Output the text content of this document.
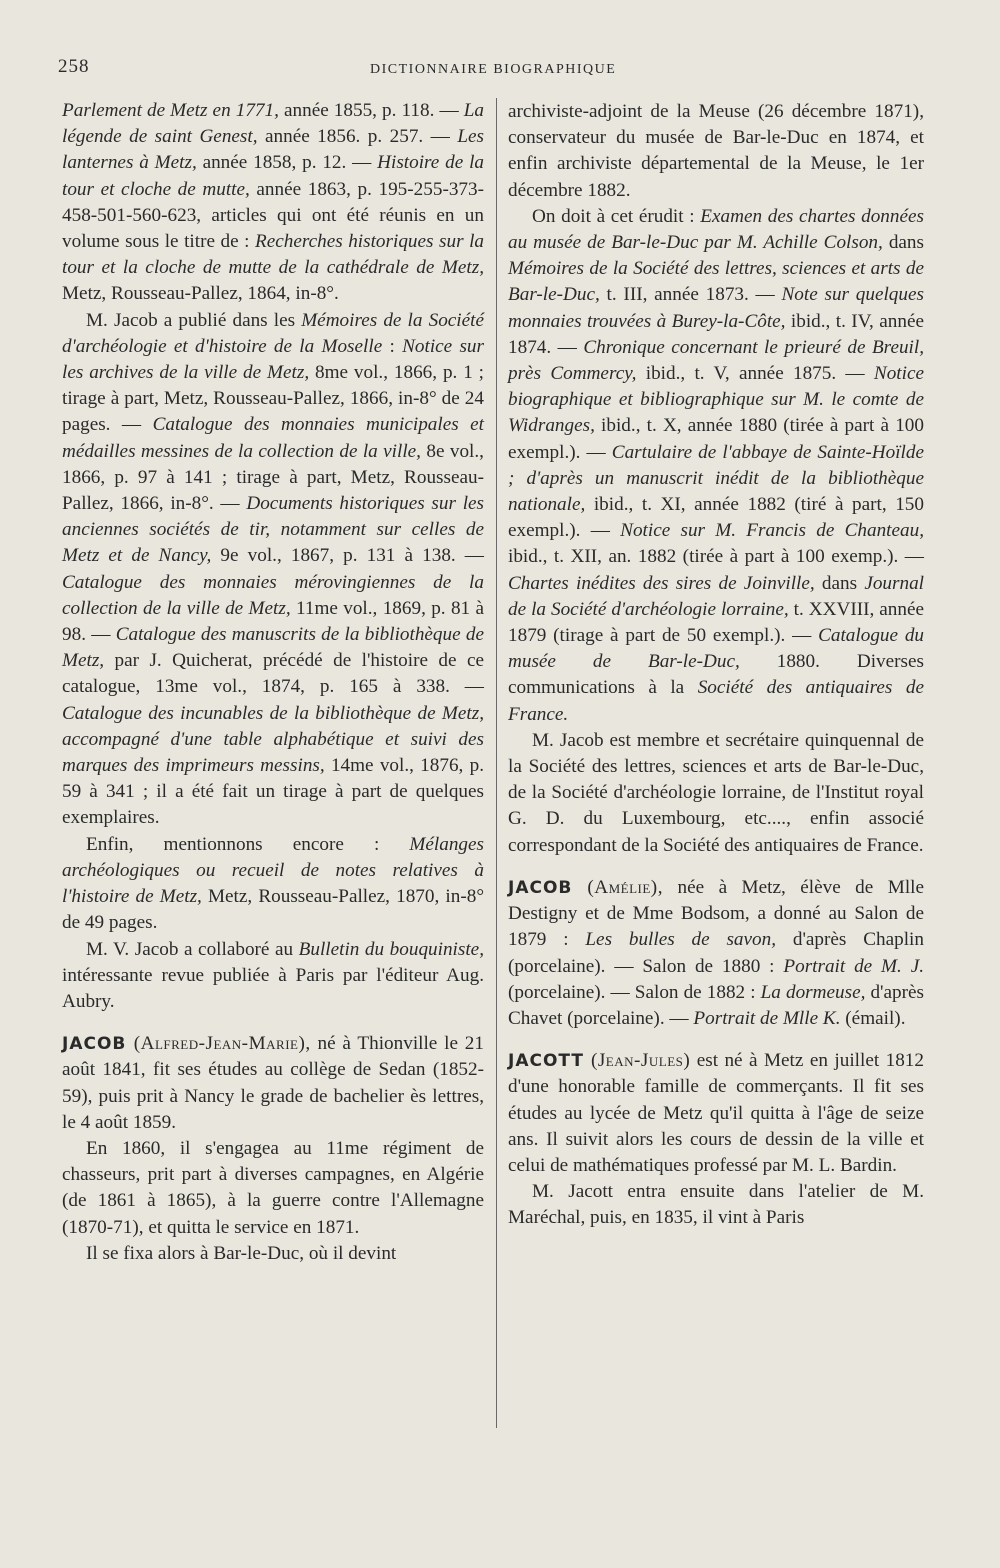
258	DICTIONNAIRE BIOGRAPHIQUE

Parlement de Metz en 1771, année 1855, p. 118. — La légende de saint Genest, année 1856. p. 257. — Les lanternes à Metz, année 1858, p. 12. — Histoire de la tour et cloche de mutte, année 1863, p. 195-255-373-458-501-560-623, articles qui ont été réunis en un volume sous le titre de : Recherches historiques sur la tour et la cloche de mutte de la cathédrale de Metz, Metz, Rousseau-Pallez, 1864, in-8°.

M. Jacob a publié dans les Mémoires de la Société d'archéologie et d'histoire de la Moselle : Notice sur les archives de la ville de Metz, 8me vol., 1866, p. 1 ; tirage à part, Metz, Rousseau-Pallez, 1866, in-8° de 24 pages. — Catalogue des monnaies municipales et médailles messines de la collection de la ville, 8e vol., 1866, p. 97 à 141 ; tirage à part, Metz, Rousseau-Pallez, 1866, in-8°. — Documents historiques sur les anciennes sociétés de tir, notamment sur celles de Metz et de Nancy, 9e vol., 1867, p. 131 à 138. — Catalogue des monnaies mérovingiennes de la collection de la ville de Metz, 11me vol., 1869, p. 81 à 98. — Catalogue des manuscrits de la bibliothèque de Metz, par J. Quicherat, précédé de l'histoire de ce catalogue, 13me vol., 1874, p. 165 à 338. — Catalogue des incunables de la bibliothèque de Metz, accompagné d'une table alphabétique et suivi des marques des imprimeurs messins, 14me vol., 1876, p. 59 à 341 ; il a été fait un tirage à part de quelques exemplaires.

Enfin, mentionnons encore : Mélanges archéologiques ou recueil de notes relatives à l'histoire de Metz, Metz, Rousseau-Pallez, 1870, in-8° de 49 pages.

M. V. Jacob a collaboré au Bulletin du bouquiniste, intéressante revue publiée à Paris par l'éditeur Aug. Aubry.

JACOB (Alfred-Jean-Marie), né à Thionville le 21 août 1841, fit ses études au collège de Sedan (1852-59), puis prit à Nancy le grade de bachelier ès lettres, le 4 août 1859.

En 1860, il s'engagea au 11me régiment de chasseurs, prit part à diverses campagnes, en Algérie (de 1861 à 1865), à la guerre contre l'Allemagne (1870-71), et quitta le service en 1871.

Il se fixa alors à Bar-le-Duc, où il devint

archiviste-adjoint de la Meuse (26 décembre 1871), conservateur du musée de Bar-le-Duc en 1874, et enfin archiviste départemental de la Meuse, le 1er décembre 1882.

On doit à cet érudit : Examen des chartes données au musée de Bar-le-Duc par M. Achille Colson, dans Mémoires de la Société des lettres, sciences et arts de Bar-le-Duc, t. III, année 1873. — Note sur quelques monnaies trouvées à Burey-la-Côte, ibid., t. IV, année 1874. — Chronique concernant le prieuré de Breuil, près Commercy, ibid., t. V, année 1875. — Notice biographique et bibliographique sur M. le comte de Widranges, ibid., t. X, année 1880 (tirée à part à 100 exempl.). — Cartulaire de l'abbaye de Sainte-Hoïlde ; d'après un manuscrit inédit de la bibliothèque nationale, ibid., t. XI, année 1882 (tiré à part, 150 exempl.). — Notice sur M. Francis de Chanteau, ibid., t. XII, an. 1882 (tirée à part à 100 exemp.). — Chartes inédites des sires de Joinville, dans Journal de la Société d'archéologie lorraine, t. XXVIII, année 1879 (tirage à part de 50 exempl.). — Catalogue du musée de Bar-le-Duc, 1880. Diverses communications à la Société des antiquaires de France.

M. Jacob est membre et secrétaire quinquennal de la Société des lettres, sciences et arts de Bar-le-Duc, de la Société d'archéologie lorraine, de l'Institut royal G. D. du Luxembourg, etc...., enfin associé correspondant de la Société des antiquaires de France.

JACOB (Amélie), née à Metz, élève de Mlle Destigny et de Mme Bodsom, a donné au Salon de 1879 : Les bulles de savon, d'après Chaplin (porcelaine). — Salon de 1880 : Portrait de M. J. (porcelaine). — Salon de 1882 : La dormeuse, d'après Chavet (porcelaine). — Portrait de Mlle K. (émail).

JACOTT (Jean-Jules) est né à Metz en juillet 1812 d'une honorable famille de commerçants. Il fit ses études au lycée de Metz qu'il quitta à l'âge de seize ans. Il suivit alors les cours de dessin de la ville et celui de mathématiques professé par M. L. Bardin.

M. Jacott entra ensuite dans l'atelier de M. Maréchal, puis, en 1835, il vint à Paris
